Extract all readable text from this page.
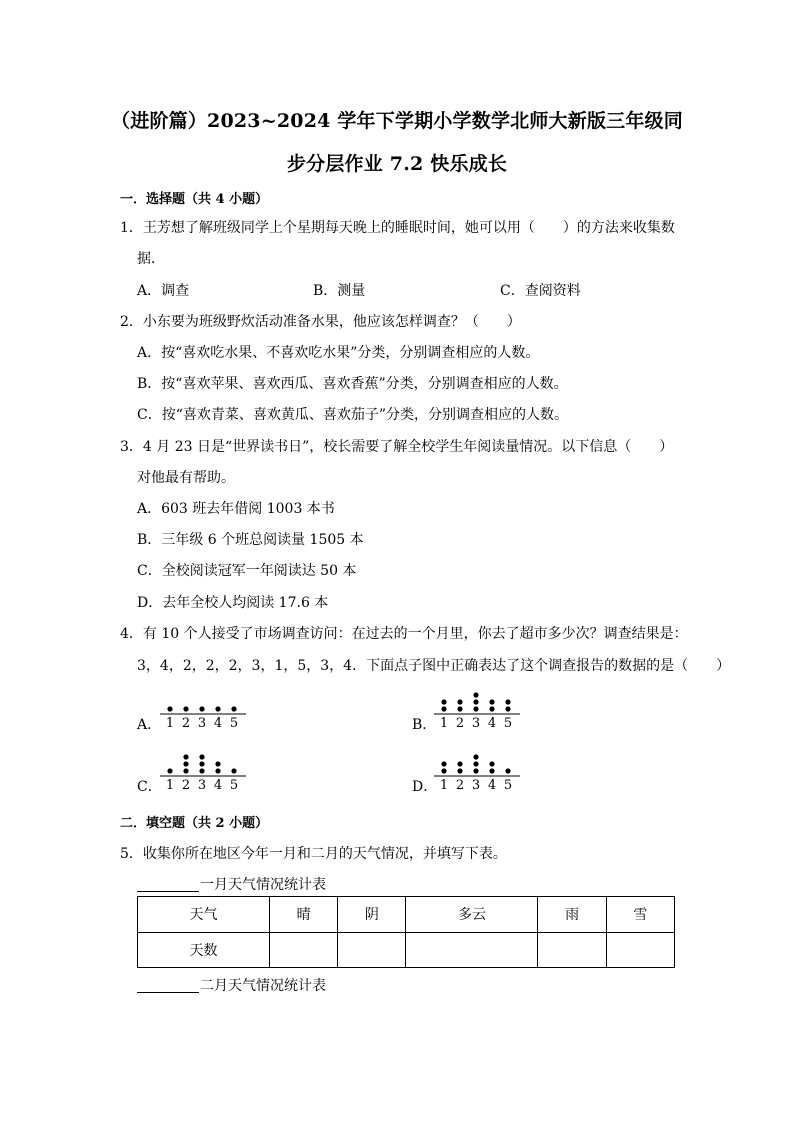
（进阶篇）2023~2024 学年下学期小学数学北师大新版三年级同
步分层作业 7.2 快乐成长
一．选择题（共 4 小题）
1．王芳想了解班级同学上个星期每天晚上的睡眠时间，她可以用（　　）的方法来收集数
据．
A．调查	B．测量	C．查阅资料
2．小东要为班级野炊活动准备水果，他应该怎样调查？（　　）
A．按“喜欢吃水果、不喜欢吃水果”分类，分别调查相应的人数。
B．按“喜欢苹果、喜欢西瓜、喜欢香蕉”分类，分别调查相应的人数。
C．按“喜欢青菜、喜欢黄瓜、喜欢茄子”分类，分别调查相应的人数。
3．4 月 23 日是“世界读书日”，校长需要了解全校学生年阅读量情况。以下信息（　　）
对他最有帮助。
A．603 班去年借阅 1003 本书
B．三年级 6 个班总阅读量 1505 本
C．全校阅读冠军一年阅读达 50 本
D．去年全校人均阅读 17.6 本
4．有 10 个人接受了市场调查访问：在过去的一个月里，你去了超市多少次？调查结果是：
3，4，2，2，2，3，1，5，3，4．下面点子图中正确表达了这个调查报告的数据的是（　　）
A． 1 2 3 4 5	B． 1 2 3 4 5
C． 1 2 3 4 5	D． 1 2 3 4 5
二．填空题（共 2 小题）
5．收集你所在地区今年一月和二月的天气情况，并填写下表。
一月天气情况统计表
天气	晴	阴	多云	雨	雪
天数					
二月天气情况统计表
